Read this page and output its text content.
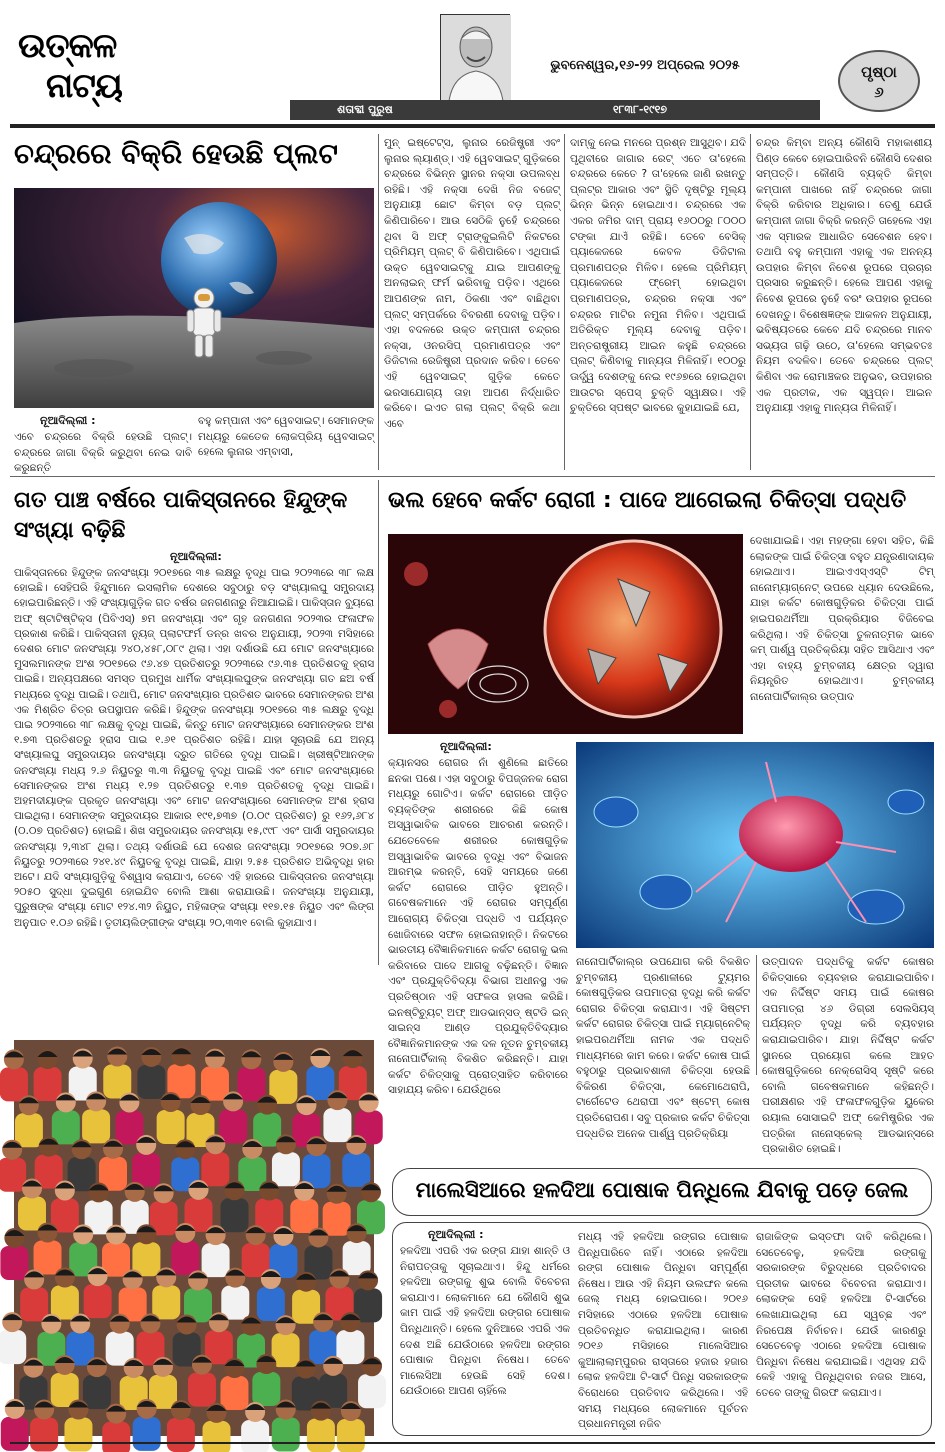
ଉତ୍କଳ
ନାଟ୍ୟ
ଭୁବନେଶ୍ୱର,୧୬-୨୨ ଅପ୍ରେଲ ୨୦୨୫
ଶତାବ୍ଦୀ ପୁରୁଷ	୧୮୩୮-୧୯୧୭
ପୃଷ୍ଠା
୬
ଚନ୍ଦ୍ରରେ ବିକ୍ରି ହେଉଛି ପ୍ଲଟ
ନୂଆଦିଲ୍ଲୀ :
ଏବେ ଚନ୍ଦ୍ରରେ ବିକ୍ରି ହେଉଛି ପ୍ଲଟ୍। ଚନ୍ଦ୍ରରେ ଜାଗା ବିକ୍ରି କରୁଥିବା ନେଇ ଦାବି କରୁଛନ୍ତି
ବହୁ କମ୍ପାନୀ ଏବଂ ୱେବସାଇଟ୍। ସେମାନଙ୍କ ମଧ୍ୟରୁ କେତେକ ଲୋକପ୍ରିୟ ୱେବସାଇଟ୍ ହେଲେ ଲୁନାର ଏମ୍ବାସୀ,
ମୁନ୍ ଇଷ୍ଟେଟ୍ସ, ଲୁନାର ରେଜିଷ୍ଟ୍ରୀ ଏବଂ ଲୁନାର ଲ୍ୟାଣ୍ଡ୍। ଏହି ୱେବସାଇଟ୍ ଗୁଡ଼ିକରେ ଚନ୍ଦ୍ରରେ ବିଭିନ୍ନ ସ୍ଥାନର ନକ୍ସା ଉପଲବ୍ଧ ରହିଛି। ଏହି ନକ୍ସା ଦେଖି ନିଜ ବଜେଟ୍ ଅନୁଯାୟୀ ଛୋଟ କିମ୍ବା ବଡ଼ ପ୍ଲଟ୍ କିଣିପାରିବେ। ଆଉ ସେଠିକି ନୁହେଁ ଚନ୍ଦ୍ରରେ ଥିବା ସି ଅଫ୍ ଟ୍ରାଙ୍କୁଇଲିଟି ନିକଟରେ ପ୍ରିମିୟମ୍ ପ୍ଲଟ୍ ବି କିଣିପାରିବେ। ଏଥିପାଇଁ ଉକ୍ତ ୱେବସାଇଟ୍କୁ ଯାଇ ଆପଣଙ୍କୁ ଅନଲାଇନ୍ ଫର୍ମ ଭରିବାକୁ ପଡ଼ିବ। ଏଥିରେ ଆପଣଙ୍କ ନାମ, ଠିକଣା ଏବଂ ବାଛିଥିବା ପ୍ଲଟ୍ ସମ୍ପର୍କରେ ବିବରଣୀ ଦେବାକୁ ପଡ଼ିବ। ଏହା ବଦଳରେ ଉକ୍ତ କମ୍ପାନୀ ଚନ୍ଦ୍ରର ନକ୍ସା, ଓନରସିପ୍ ପ୍ରମାଣପତ୍ର ଏବଂ ଡିଜିଟାଲ ରେଜିଷ୍ଟ୍ରୀ ପ୍ରଦାନ କରିବ। ତେବେ ଏହି ୱେବସାଇଟ୍ ଗୁଡ଼ିକ କେତେ ଭରସାଯୋଗ୍ୟ ତାହା ଆପଣ ନିର୍ଦ୍ଧାରିତ କରିବେ। ଇଏତ ଗଲା ପ୍ଲଟ୍ ବିକ୍ରି କଥା ଏବେ
ଦାମ୍କୁ ନେଇ ମନରେ ପ୍ରଶ୍ନ ଆସୁଥିବ। ଯଦି ପୃଥିବୀରେ ଜାଗାର ରେଟ୍ ଏତେ ତା'ହେଲେ ଚନ୍ଦ୍ରରେ କେତେ ? ତା'ହେଲେ ଜାଣି ରଖନ୍ତୁ ପ୍ଲଟ୍ର ଆକାର ଏବଂ ସ୍ଥିତି ଦୃଷ୍ଟିରୁ ମୂଲ୍ୟ ଭିନ୍ନ ଭିନ୍ନ ହୋଇଥାଏ। ଚନ୍ଦ୍ରରେ ଏକ ଏକର ଜମିର ଦାମ୍ ପ୍ରାୟ ୧୬୦୦ରୁ ୮୦୦୦ ଟଙ୍କା ଯାଏଁ ରହିଛି। ତେବେ ବେସିକ୍ ପ୍ୟାକେଜରେ କେବଳ ଡିଜିଟାଲ ପ୍ରମାଣପତ୍ର ମିଳିବ। ହେଲେ ପ୍ରିମିୟମ୍ ପ୍ୟାକେଜରେ ଫ୍ରେମ୍ ହୋଇଥିବା ପ୍ରମାଣପତ୍ର, ଚନ୍ଦ୍ରର ନକ୍ସା ଏବଂ ଚନ୍ଦ୍ରର ମାଟିର ନମୁନା ମିଳିବ। ଏଥିପାଇଁ ଅତିରିକ୍ତ ମୂଲ୍ୟ ଦେବାକୁ ପଡ଼ିବ। ଅନ୍ତରାଷ୍ଟ୍ରୀୟ ଆଇନ କହୁଛି ଚନ୍ଦ୍ରରେ ପ୍ଲଟ୍ କିଣିବାକୁ ମାନ୍ୟତା ମିଳିନାହିଁ। ୧୦୦ରୁ ଊର୍ଦ୍ଧ୍ୱ ଦେଶଙ୍କୁ ନେଇ ୧୯୬୭ରେ ହୋଇଥିବା ଆଉଟର ସ୍ପେସ୍ ଚୁକ୍ତି ସ୍ୱାକ୍ଷର। ଏହି ଚୁକ୍ତିରେ ସ୍ପଷ୍ଟ ଭାବରେ କୁହାଯାଇଛି ଯେ,
ଚନ୍ଦ୍ର କିମ୍ବା ଅନ୍ୟ କୌଣସି ମହାକାଶୀୟ ପିଣ୍ଡ କେବେ ହୋଇପାରିବନି କୌଣସି ଦେଶର ସମ୍ପତ୍ତି। କୌଣସି ବ୍ୟକ୍ତି କିମ୍ବା କମ୍ପାନୀ ପାଖରେ ନାହିଁ ଚନ୍ଦ୍ରରେ ଜାଗା ବିକ୍ରି କରିବାର ଅଧିକାର। ତେଣୁ ଯେଉଁ କମ୍ପାନୀ ଜାଗା ବିକ୍ରି କରନ୍ତି ତାହେଲେ ଏହା ଏକ ସ୍ମାରକ ଆଧାରିତ ସେବେଶନ ହେବ। ତଥାପି ବହୁ କମ୍ପାନୀ ଏହାକୁ ଏକ ଅନନ୍ୟ ଉପହାର କିମ୍ବା ନିବେଶ ରୂପରେ ପ୍ରଚାର ପ୍ରସାର କରୁଛନ୍ତି। ହେଲେ ଆପଣ ଏହାକୁ ନିବେଶ ରୂପରେ ନୁହେଁ ବରଂ ଉପହାର ରୂପରେ ଦେଖନ୍ତୁ। ବିଶେଷଜ୍ଞଙ୍କ ଆକଳନ ଅନୁଯାୟୀ, ଭବିଷ୍ୟତରେ କେବେ ଯଦି ଚନ୍ଦ୍ରରେ ମାନବ ସଭ୍ୟତା ଗଢ଼ି ଉଠେ, ତା'ହେଲେ ସମ୍ଭବତଃ ନିୟମ ବଦଳିବ। ତେବେ ଚନ୍ଦ୍ରରେ ପ୍ଲଟ୍ କିଣିବା ଏକ ରୋମାଞ୍ଚକର ଅନୁଭବ, ଉପହାରର ଏକ ପ୍ରତୀକ, ଏକ ସ୍ୱପ୍ନ। ଆଇନ ଅନୁଯାୟୀ ଏହାକୁ ମାନ୍ୟତା ମିଳିନାହିଁ।
ଗତ ପାଞ୍ଚ ବର୍ଷରେ ପାକିସ୍ତାନରେ ହିନ୍ଦୁଙ୍କ ସଂଖ୍ୟା ବଢ଼ିଛି
ନୂଆଦିଲ୍ଲୀ:
ପାକିସ୍ତାନରେ ହିନ୍ଦୁଙ୍କ ଜନସଂଖ୍ୟା ୨୦୧୭ରେ ୩୫ ଲକ୍ଷରୁ ବୃଦ୍ଧି ପାଇ ୨୦୨୩ରେ ୩୮ ଲକ୍ଷ ହୋଇଛି। ସେହିପରି ହିନ୍ଦୁମାନେ ଇସଲାମିକ ଦେଶରେ ସବୁଠାରୁ ବଡ଼ ସଂଖ୍ୟାଲଘୁ ସମ୍ପ୍ରଦାୟ ହୋଇପାରିଛନ୍ତି। ଏହି ସଂଖ୍ୟାଗୁଡ଼ିକ ଗତ ବର୍ଷର ଜନଗଣନାରୁ ନିଆଯାଇଛି। ପାକିସ୍ତାନ ବ୍ୟୁରୋ ଅଫ୍ ଷ୍ଟାଟିଷ୍ଟିକ୍ସ (ପିବିଏସ୍) ୭ମ ଜନସଂଖ୍ୟା ଏବଂ ଗୃହ ଜନଗଣନା ୨୦୨୩ର ଫଳାଫଳ ପ୍ରକାଶ କରିଛି। ପାକିସ୍ତାନୀ ନ୍ୟୁଜ୍ ପ୍ଲାଟଫର୍ମ ଡନ୍ର ଖବର ଅନୁଯାୟୀ, ୨୦୨୩ ମସିହାରେ ଦେଶର ମୋଟ ଜନସଂଖ୍ୟା ୨୪୦,୪୫୮,୦୮୯ ଥିଲା। ଏହା ଦର୍ଶାଉଛି ଯେ ମୋଟ ଜନସଂଖ୍ୟାରେ ମୁସଲମାନଙ୍କ ଅଂଶ ୨୦୧୭ରେ ୯୬.୪୭ ପ୍ରତିଶତରୁ ୨୦୨୩ରେ ୯୬.୩୫ ପ୍ରତିଶତକୁ ହ୍ରାସ ପାଇଛି। ଅନ୍ୟପକ୍ଷରେ ସମସ୍ତ ପ୍ରମୁଖ ଧାର୍ମିକ ସଂଖ୍ୟାଲଘୁଙ୍କ ଜନସଂଖ୍ୟା ଗତ ଛଅ ବର୍ଷ ମଧ୍ୟରେ ବୃଦ୍ଧି ପାଇଛି। ତଥାପି, ମୋଟ ଜନସଂଖ୍ୟାର ପ୍ରତିଶତ ଭାବରେ ସେମାନଙ୍କର ଅଂଶ ଏକ ମିଶ୍ରିତ ଚିତ୍ର ଉପସ୍ଥାପନ କରିଛି। ହିନ୍ଦୁଙ୍କ ଜନସଂଖ୍ୟା ୨୦୧୭ରେ ୩୫ ଲକ୍ଷରୁ ବୃଦ୍ଧି ପାଇ ୨୦୨୩ରେ ୩୮ ଲକ୍ଷକୁ ବୃଦ୍ଧି ପାଇଛି, କିନ୍ତୁ ମୋଟ ଜନସଂଖ୍ୟାରେ ସେମାନଙ୍କର ଅଂଶ ୧.୭୩ ପ୍ରତିଶତରୁ ହ୍ରାସ ପାଇ ୧.୬୧ ପ୍ରତିଶତ ରହିଛି। ଯାହା ସୂଚାଉଛି ଯେ ଅନ୍ୟ ସଂଖ୍ୟାଲଘୁ ସମ୍ପ୍ରଦାୟର ଜନସଂଖ୍ୟା ଦ୍ରୁତ ଗତିରେ ବୃଦ୍ଧି ପାଇଛି। ଖ୍ରୀଷ୍ଟିଆନଙ୍କ ଜନସଂଖ୍ୟା ମଧ୍ୟ ୨.୬ ନିୟୁତରୁ ୩.୩ ନିୟୁତକୁ ବୃଦ୍ଧି ପାଇଛି ଏବଂ ମୋଟ ଜନସଂଖ୍ୟାରେ ସେମାନଙ୍କର ଅଂଶ ମଧ୍ୟ ୧.୨୭ ପ୍ରତିଶତରୁ ୧.୩୭ ପ୍ରତିଶତକୁ ବୃଦ୍ଧି ପାଇଛି। ଅହମଦୀୟାଙ୍କ ପ୍ରକୃତ ଜନସଂଖ୍ୟା ଏବଂ ମୋଟ ଜନସଂଖ୍ୟାରେ ସେମାନଙ୍କ ଅଂଶ ହ୍ରାସ ପାଇଥିଲା। ସେମାନଙ୍କ ସମ୍ପ୍ରଦାୟର ଆକାର ୧୯୧,୭୩୭ (୦.୦୯ ପ୍ରତିଶତ) ରୁ ୧୬୨,୬୮୪ (୦.୦୭ ପ୍ରତିଶତ) ହୋଇଛି। ଶିଖ ସମ୍ପ୍ରଦାୟର ଜନସଂଖ୍ୟା ୧୫,୯୯୮ ଏବଂ ପାର୍ସୀ ସମ୍ପ୍ରଦାୟର ଜନସଂଖ୍ୟା ୨,୩୪୮ ଥିଲା। ତଥ୍ୟ ଦର୍ଶାଉଛି ଯେ ଦେଶର ଜନସଂଖ୍ୟା ୨୦୧୭ରେ ୨୦୭.୬୮ ନିୟୁତରୁ ୨୦୨୩ରେ ୨୪୧.୪୯ ନିୟୁତକୁ ବୃଦ୍ଧି ପାଇଛି, ଯାହା ୨.୫୫ ପ୍ରତିଶତ ଅଭିବୃଦ୍ଧି ହାର ଅଟେ। ଯଦି ସଂଖ୍ୟାଗୁଡ଼ିକୁ ବିଶ୍ୱାସ କରାଯାଏ, ତେବେ ଏହି ହାରରେ ପାକିସ୍ତାନର ଜନସଂଖ୍ୟା ୨୦୫୦ ସୁଦ୍ଧା ଦୁଇଗୁଣ ହୋଇଯିବ ବୋଲି ଆଶା କରାଯାଉଛି। ଜନସଂଖ୍ୟା ଅନୁଯାୟୀ, ପୁରୁଷଙ୍କ ସଂଖ୍ୟା ମୋଟ ୧୨୪.୩୨ ନିୟୁତ, ମହିଳାଙ୍କ ସଂଖ୍ୟା ୧୧୭.୧୫ ନିୟୁତ ଏବଂ ଲିଙ୍ଗ ଅନୁପାତ ୧.୦୬ ରହିଛି। ତୃତୀୟଲିଙ୍ଗୀଙ୍କ ସଂଖ୍ୟା ୨୦,୩୩୧ ବୋଲି କୁହାଯାଏ।
ଭଲ ହେବେ କର୍କଟ ରୋଗୀ : ପାଦେ ଆଗେଇଲା ଚିକିତ୍ସା ପଦ୍ଧତି
ଦେଖାଯାଇଛି। ଏହା ମହଙ୍ଗା ହେବା ସହିତ, କିଛି ଲୋକଙ୍କ ପାଇଁ ଚିକିତ୍ସା ବହୁତ ଯନ୍ତ୍ରଣାଦାୟକ ହୋଇଥାଏ। ଆଇଏଏସ୍ଏସ୍ଟି ଟିମ୍ ନାନୋମ୍ୟାଗ୍ନେଟ୍ ଉପରେ ଧ୍ୟାନ ଦେଉଛିଲେ, ଯାହା କର୍କଟ କୋଷଗୁଡ଼ିକର ଚିକିତ୍ସା ପାଇଁ ହାଇପରଥର୍ମିଆ ପ୍ରକ୍ରିୟାର ବିଜିବେଇ କରିଥିଲା। ଏହି ଚିକିତ୍ସା ତୁଳନାତ୍ମକ ଭାବେ କମ୍ ପାର୍ଶ୍ୱ ପ୍ରତିକ୍ରିୟା ସହିତ ଆସିଥାଏ ଏବଂ ଏହା ବାହ୍ୟ ଚୁମ୍ବକୀୟ କ୍ଷେତ୍ର ଦ୍ୱାରା ନିୟନ୍ତ୍ରିତ ହୋଇଥାଏ। ଚୁମ୍ବକୀୟ ନାନୋପାର୍ଟିକାଲ୍ର ଉତ୍ପାଦ
ନୂଆଦିଲ୍ଲୀ:
କ୍ୟାନସର ରୋଗର ନାଁ ଶୁଣିଲେ ଛାତିରେ ଛନକା ପଶେ। ଏହା ସବୁଠାରୁ ବିପଜ୍ଜନକ ରୋଗ ମଧ୍ୟରୁ ଗୋଟିଏ। କର୍କଟ ରୋଗରେ ପୀଡ଼ିତ ବ୍ୟକ୍ତିଙ୍କ ଶରୀରରେ କିଛି କୋଷ ଅସ୍ୱାଭାବିକ ଭାବରେ ଆଚରଣ କରନ୍ତି। ଯେତେବେଳେ ଶରୀରର କୋଷଗୁଡ଼ିକ ଅସ୍ୱାଭାବିକ ଭାବରେ ବୃଦ୍ଧି ଏବଂ ବିଭାଜନ ଆରମ୍ଭ କରନ୍ତି, ସେହି ସମୟରେ ଜଣେ କର୍କଟ ରୋଗରେ ପୀଡ଼ିତ ହୁଅନ୍ତି। ଗବେଷକମାନେ ଏହି ରୋଗର ସମ୍ପୂର୍ଣ୍ଣ ଆରୋଗ୍ୟ ଚିକିତ୍ସା ପଦ୍ଧତି ଏ ପର୍ଯ୍ୟନ୍ତ ଖୋଜିବାରେ ସଫଳ ହୋଇନାହାନ୍ତି। ନିକଟରେ ଭାରତୀୟ ବୈଜ୍ଞାନିକମାନେ କର୍କଟ ରୋଗକୁ ଭଲ କରିବାରେ ପାଦେ ଆଗକୁ ବଢ଼ିଛନ୍ତି। ବିଜ୍ଞାନ ଏବଂ ପ୍ରଯୁକ୍ତିବିଦ୍ୟା ବିଭାଗ ଅଧୀନସ୍ଥ ଏକ ପ୍ରତିଷ୍ଠାନ ଏହି ସଫଳତା ହାସଲ କରିଛି। ଇନଷ୍ଟିଚ୍ୟୁଟ୍ ଅଫ୍ ଆଡଭାନ୍ସଡ୍ ଷ୍ଟଡି ଇନ୍ ସାଇନ୍ସ ଆଣ୍ଡ ପ୍ରଯୁକ୍ତିବିଦ୍ୟାର ବୈଜ୍ଞାନିକମାନଙ୍କ ଏକ ଦଳ ନୂତନ ଚୁମ୍ବକୀୟ ନାନୋପାର୍ଟିକାଲ୍ ବିକଶିତ କରିଛନ୍ତି। ଯାହା କର୍କଟ ଚିକିତ୍ସାକୁ ପ୍ରୋତ୍ସାହିତ କରିବାରେ ସାହାଯ୍ୟ କରିବ। ଯେଉଁଥିରେ
ନାନୋପାର୍ଟିକାଲ୍ର ଉପଯୋଗ କରି ବିକଶିତ ଚୁମ୍ବକୀୟ ପ୍ରଣାଳୀରେ ଟ୍ୟୁମର କୋଷଗୁଡ଼ିକର ତାପମାତ୍ରା ବୃଦ୍ଧି କରି କର୍କଟ ରୋଗର ଚିକିତ୍ସା କରାଯାଏ। ଏହି ସିଷ୍ଟମ କର୍କଟ ରୋଗର ଚିକିତ୍ସା ପାଇଁ ମ୍ୟାଗ୍ନେଟିକ୍ ହାଇପରଥର୍ମିଆ ନାମକ ଏକ ପଦ୍ଧତି ମାଧ୍ୟମରେ କାମ କରେ। କର୍କଟ କୋଷ ପାଇଁ ବହୁଠାରୁ ପ୍ରଭାବଶାଳୀ ଚିକିତ୍ସା ହେଉଛି ବିକିରଣ ଚିକିତ୍ସା, କେମୋଥେରାପି, ଟାର୍ଗେଟେଡ ଥେରାପୀ ଏବଂ ଷ୍ଟେମ୍ କୋଷ ପ୍ରତିରୋପଣ। ସବୁ ପ୍ରକାର କର୍କଟ ଚିକିତ୍ସା ପଦ୍ଧତିର ଅନେକ ପାର୍ଶ୍ୱ ପ୍ରତିକ୍ରିୟା
ଉତ୍ପାଦନ ପଦ୍ଧତିକୁ କର୍କଟ କୋଷର ଚିକିତ୍ସାରେ ବ୍ୟବହାର କରାଯାଇପାରିବ। ଏକ ନିର୍ଦ୍ଦିଷ୍ଟ ସମୟ ପାଇଁ କୋଷର ତାପମାତ୍ରା ୪୬ ଡିଗ୍ରୀ ସେଲସିୟସ୍ ପର୍ଯ୍ୟନ୍ତ ବୃଦ୍ଧି କରି ବ୍ୟବହାର କରାଯାଇପାରିବ। ଯାହା ନିର୍ଦ୍ଦିଷ୍ଟ କର୍କଟ ସ୍ଥାନରେ ପ୍ରୟୋଗ କଲେ ଆହତ କୋଷଗୁଡ଼ିକରେ ନେକ୍ରୋସିସ୍ ସୃଷ୍ଟି କରେ ବୋଲି ଗବେଷକମାନେ କହିଛନ୍ତି। ପରୀକ୍ଷଣର ଏହି ଫଳାଫଳଗୁଡ଼ିକ ୟୁକେର ରୟାଲ ସୋସାଇଟି ଅଫ୍ କେମିଷ୍ଟ୍ରିର ଏକ ପତ୍ରିକା ନାନୋସ୍କେଲ୍ ଆଡଭାନ୍ସରେ ପ୍ରକାଶିତ ହୋଇଛି।
ମାଲେସିଆରେ ହଳଦିଆ ପୋଷାକ ପିନ୍ଧିଲେ ଯିବାକୁ ପଡ଼େ ଜେଲ
ନୂଆଦିଲ୍ଲୀ :
ହଳଦିଆ ଏପରି ଏକ ରଙ୍ଗ ଯାହା ଶାନ୍ତି ଓ ନିରାପତ୍ତାକୁ ସୂଚାଇଥାଏ। ହିନ୍ଦୁ ଧର୍ମରେ ହଳଦିଆ ରଙ୍ଗକୁ ଶୁଭ ବୋଲି ବିବେଚନା କରାଯାଏ। ଲୋକମାନେ ଯେ କୌଣସି ଶୁଭ କାମ ପାଇଁ ଏହି ହଳଦିଆ ରଙ୍ଗର ପୋଷାକ ପିନ୍ଧିଥାନ୍ତି। ହେଲେ ଦୁନିଆରେ ଏପରି ଏକ ଦେଶ ଅଛି ଯେଉଁଠାରେ ହଳଦିଆ ରଙ୍ଗର ପୋଷାକ ପିନ୍ଧିବା ନିଷେଧ। ତେବେ ମାଲେସିଆ ହେଉଛି ସେହି ଦେଶ। ଯେଉଁଠାରେ ଆପଣ ଚାହିଁଲେ
ମଧ୍ୟ ଏହି ହଳଦିଆ ରଙ୍ଗର ପୋଷାକ ପିନ୍ଧିପାରିବେ ନାହିଁ। ଏଠାରେ ହଳଦିଆ ରଙ୍ଗ ପୋଷାକ ପିନ୍ଧିବା ସମ୍ପୂର୍ଣ୍ଣ ନିଷେଧ। ଆଉ ଏହି ନିୟମ ଉଲଙ୍ଘନ କଲେ ଜେଲ୍ ମଧ୍ୟ ହୋଇପାରେ। ୨୦୧୬ ମସିହାରେ ଏଠାରେ ହଳଦିଆ ପୋଷାକ ପ୍ରତିବନ୍ଧିତ କରାଯାଇଥିଲା। କାରଣ ୨୦୧୬ ମସିହାରେ ମାଲେସିଆର କୁଆଲାଲାମ୍ପୁରର ରାସ୍ତାରେ ହଜାର ହଜାର ଲୋକ ହଳଦିଆ ଟି-ସାର୍ଟ ପିନ୍ଧି ସରକାରଙ୍କ ବିରୋଧରେ ପ୍ରତିବାଦ କରିଥିଲେ। ଏହି ସମୟ ମଧ୍ୟରେ ଲୋକମାନେ ପୂର୍ବତନ ପ୍ରଧାନମନ୍ତ୍ରୀ ନଜିବ
ରାଜାକିଙ୍କ ଇସ୍ତଫା ଦାବି କରିଥିଲେ। ସେତେବେଳୁ, ହଳଦିଆ ରଙ୍ଗକୁ ସରକାରଙ୍କ ବିରୁଦ୍ଧରେ ପ୍ରତିବାଦର ପ୍ରତୀକ ଭାବରେ ବିବେଚନା କରାଯାଏ। ଲୋକଙ୍କ ସେହି ହଳଦିଆ ଟି-ସାର୍ଟରେ ଲେଖାଯାଇଥିଲା ଯେ ସ୍ୱଚ୍ଛ ଏବଂ ନିରପେକ୍ଷ ନିର୍ବାଚନ। ଯେଉଁ କାରଣରୁ ସେତେବେଳୁ ଏଠାରେ ହଳଦିଆ ପୋଷାକ ପିନ୍ଧିବା ନିଷେଧ କରାଯାଇଛି। ଏଥିସହ ଯଦି କେହି ଏହାକୁ ପିନ୍ଧିଥିବାର ନଜର ଆସେ, ତେବେ ତାଙ୍କୁ ଗିରଫ କରାଯାଏ।
